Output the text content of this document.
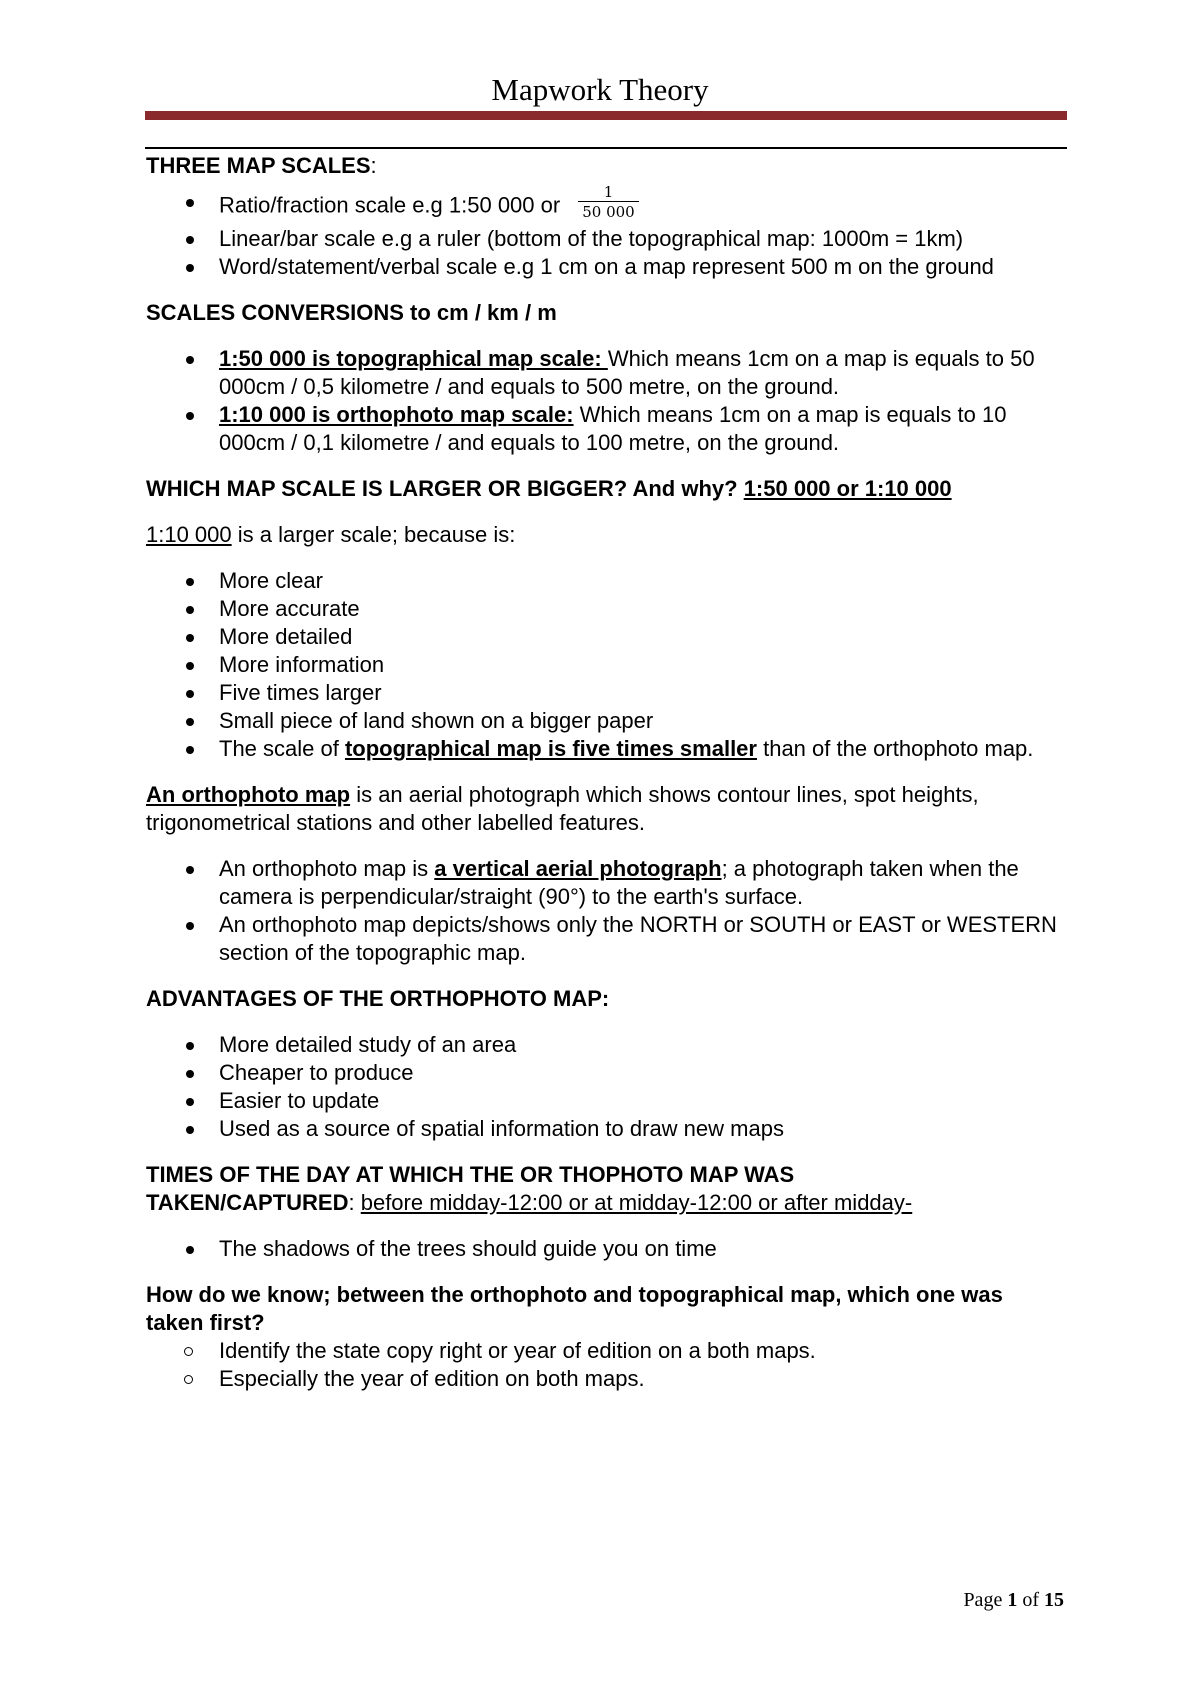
Mapwork Theory

THREE MAP SCALES:

Ratio/fraction scale e.g 1:50 000 or $\frac{1}{50 000}$
Linear/bar scale e.g a ruler (bottom of the topographical map: 1000m = 1km)
Word/statement/verbal scale e.g 1 cm on a map represent 500 m on the ground

SCALES CONVERSIONS to cm / km / m

1:50 000 is topographical map scale: Which means 1cm on a map is equals to 50 000cm / 0,5 kilometre / and equals to 500 metre, on the ground.
1:10 000 is orthophoto map scale: Which means 1cm on a map is equals to 10 000cm / 0,1 kilometre / and equals to 100 metre, on the ground.

WHICH MAP SCALE IS LARGER OR BIGGER? And why? 1:50 000 or 1:10 000

1:10 000 is a larger scale; because is:

More clear
More accurate
More detailed
More information
Five times larger
Small piece of land shown on a bigger paper
The scale of topographical map is five times smaller than of the orthophoto map.

An orthophoto map is an aerial photograph which shows contour lines, spot heights, trigonometrical stations and other labelled features.

An orthophoto map is a vertical aerial photograph; a photograph taken when the camera is perpendicular/straight (90°) to the earth's surface.
An orthophoto map depicts/shows only the NORTH or SOUTH or EAST or WESTERN section of the topographic map.

ADVANTAGES OF THE ORTHOPHOTO MAP:

More detailed study of an area
Cheaper to produce
Easier to update
Used as a source of spatial information to draw new maps

TIMES OF THE DAY AT WHICH THE OR THOPHOTO MAP WAS

TAKEN/CAPTURED: before midday-12:00 or at midday-12:00 or after midday-

The shadows of the trees should guide you on time

How do we know; between the orthophoto and topographical map, which one was taken first?

Identify the state copy right or year of edition on a both maps.
Especially the year of edition on both maps.
Page 1 of 15
